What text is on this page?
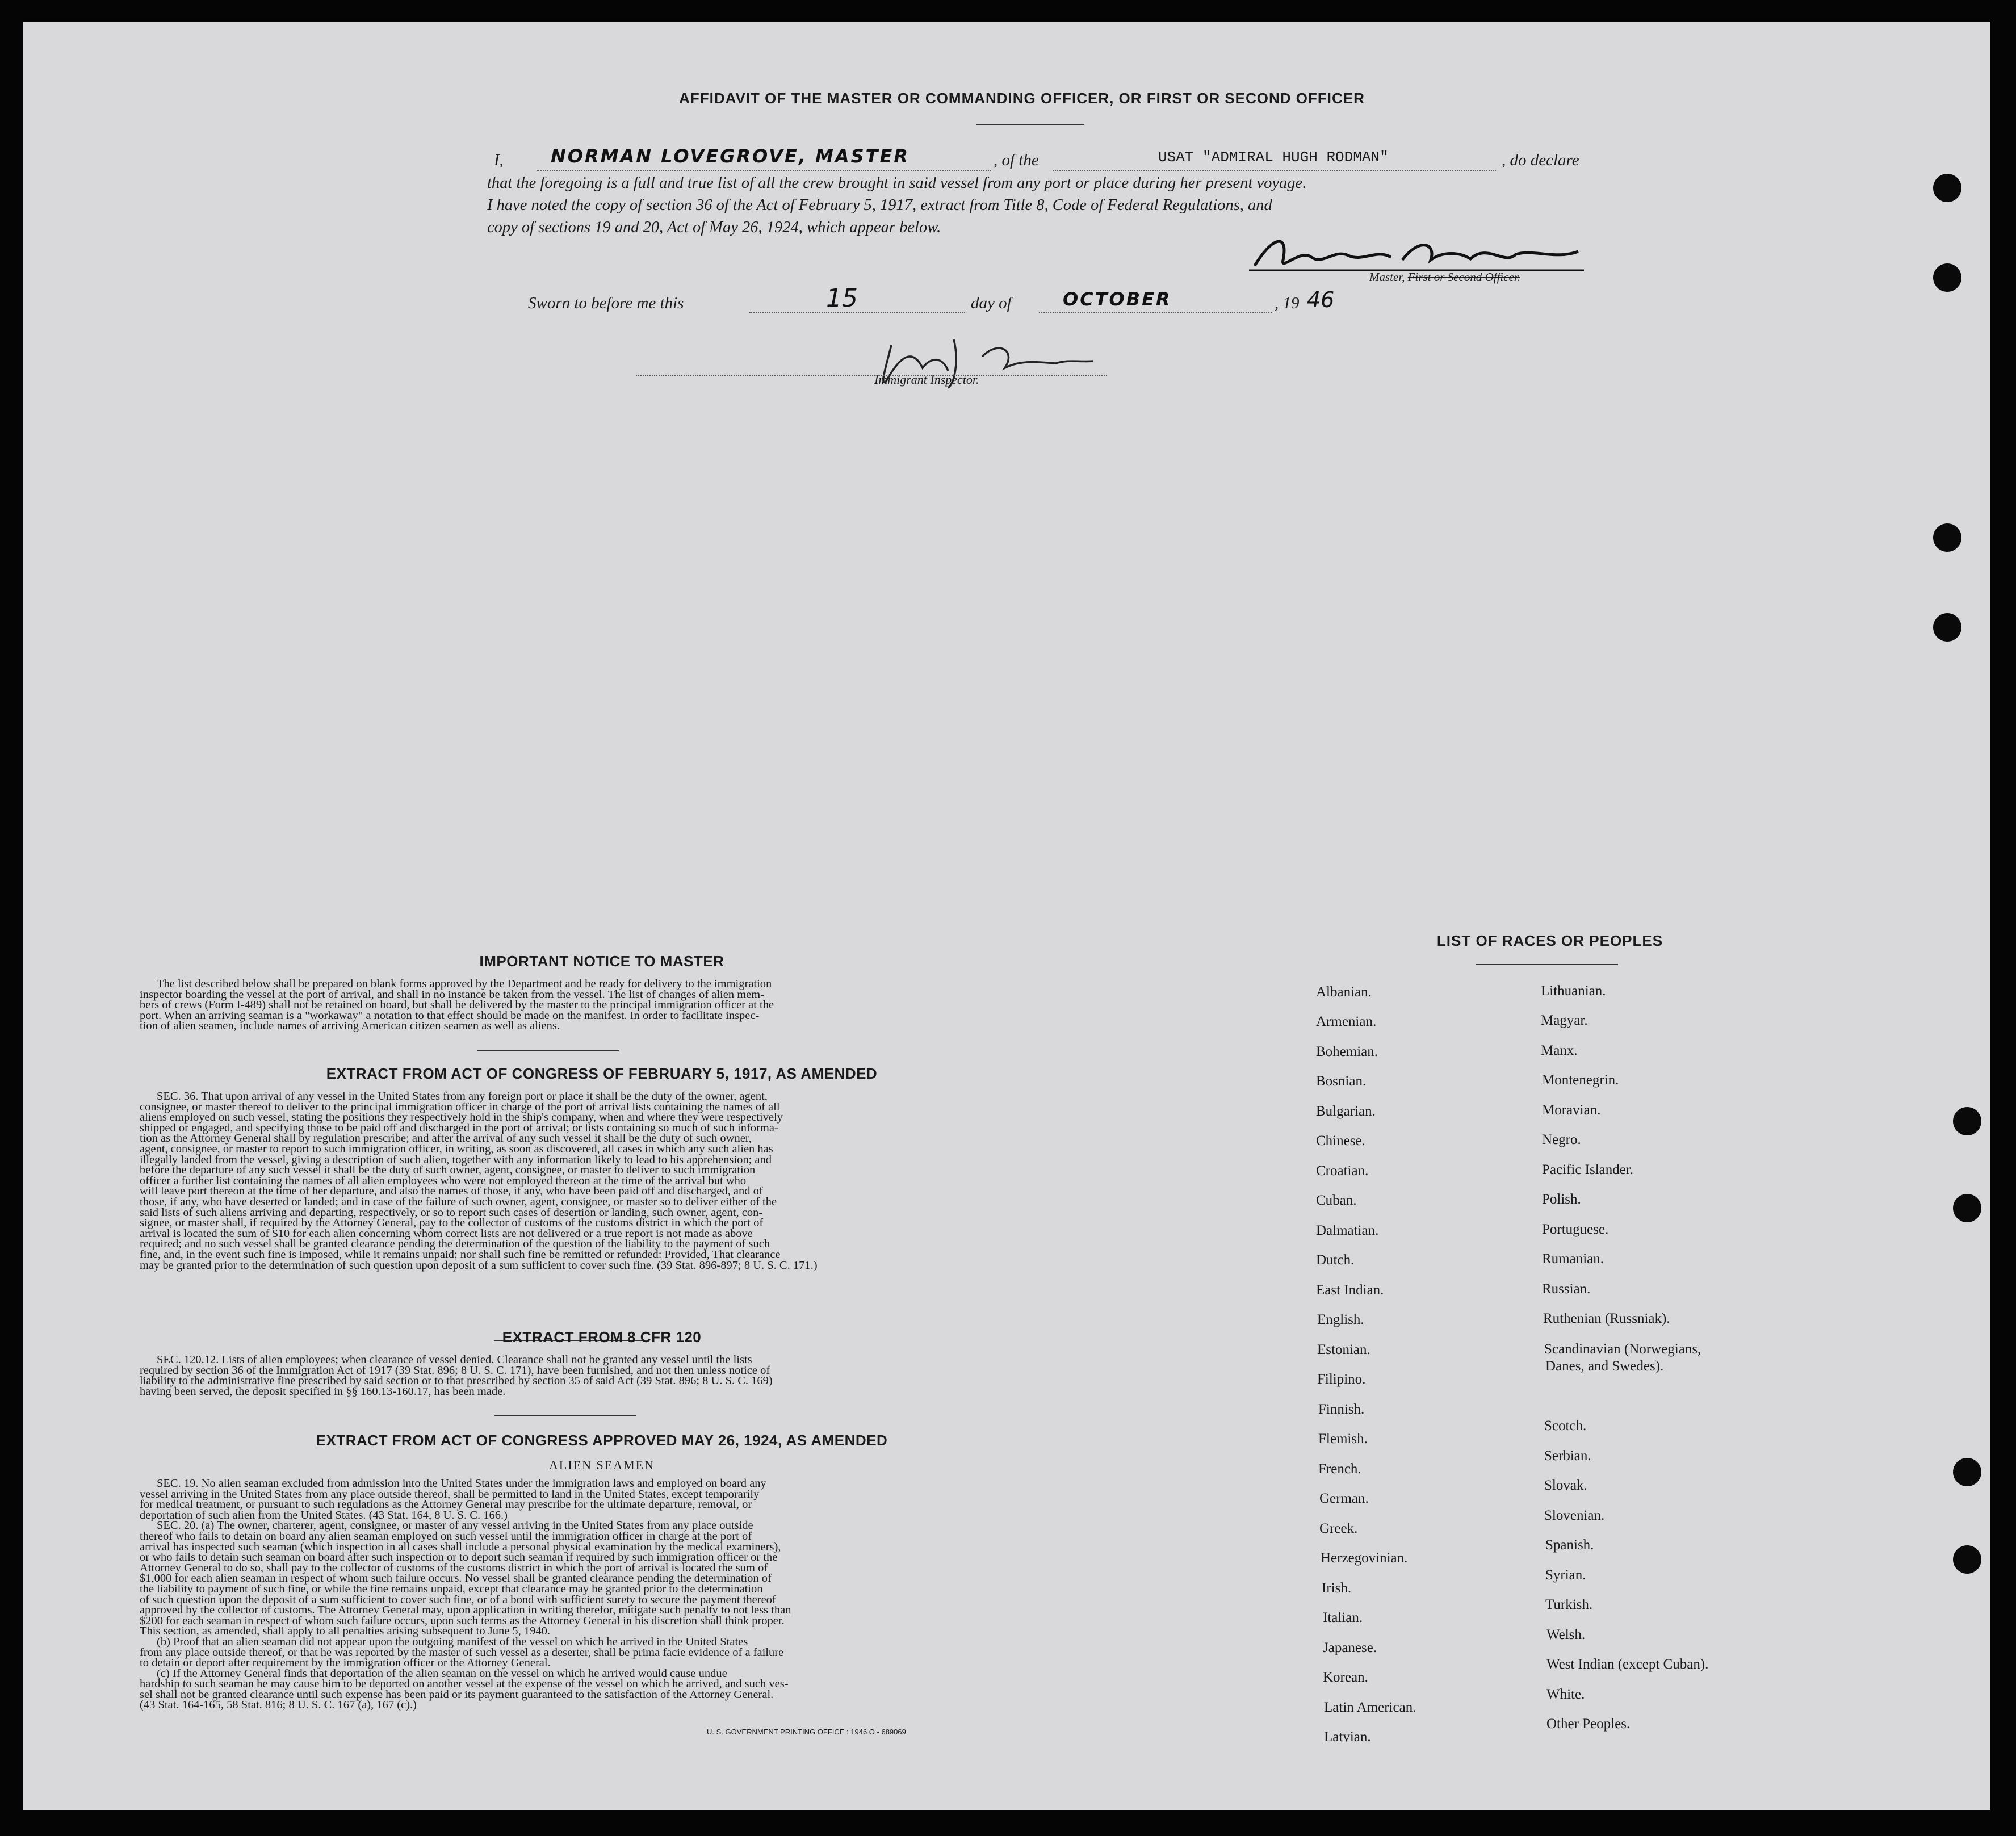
AFFIDAVIT OF THE MASTER OR COMMANDING OFFICER, OR FIRST OR SECOND OFFICER
I,	NORMAN LOVEGROVE, MASTER	, of the	USAT "ADMIRAL HUGH RODMAN"	, do declare
that the foregoing is a full and true list of all the crew brought in said vessel from any port or place during her present voyage.
I have noted the copy of section 36 of the Act of February 5, 1917, extract from Title 8, Code of Federal Regulations, and
copy of sections 19 and 20, Act of May 26, 1924, which appear below.
Master, First or Second Officer.
Sworn to before me this	15	day of	OCTOBER	, 19 46
Immigrant Inspector.
IMPORTANT NOTICE TO MASTER
The list described below shall be prepared on blank forms approved by the Department and be ready for delivery to the immigration
inspector boarding the vessel at the port of arrival, and shall in no instance be taken from the vessel. The list of changes of alien mem-
bers of crews (Form I-489) shall not be retained on board, but shall be delivered by the master to the principal immigration officer at the
port. When an arriving seaman is a "workaway" a notation to that effect should be made on the manifest. In order to facilitate inspec-
tion of alien seamen, include names of arriving American citizen seamen as well as aliens.
EXTRACT FROM ACT OF CONGRESS OF FEBRUARY 5, 1917, AS AMENDED
SEC. 36. That upon arrival of any vessel in the United States from any foreign port or place it shall be the duty of the owner, agent,
consignee, or master thereof to deliver to the principal immigration officer in charge of the port of arrival lists containing the names of all
aliens employed on such vessel, stating the positions they respectively hold in the ship's company, when and where they were respectively
shipped or engaged, and specifying those to be paid off and discharged in the port of arrival; or lists containing so much of such informa-
tion as the Attorney General shall by regulation prescribe; and after the arrival of any such vessel it shall be the duty of such owner,
agent, consignee, or master to report to such immigration officer, in writing, as soon as discovered, all cases in which any such alien has
illegally landed from the vessel, giving a description of such alien, together with any information likely to lead to his apprehension; and
before the departure of any such vessel it shall be the duty of such owner, agent, consignee, or master to deliver to such immigration
officer a further list containing the names of all alien employees who were not employed thereon at the time of the arrival but who
will leave port thereon at the time of her departure, and also the names of those, if any, who have been paid off and discharged, and of
those, if any, who have deserted or landed; and in case of the failure of such owner, agent, consignee, or master so to deliver either of the
said lists of such aliens arriving and departing, respectively, or so to report such cases of desertion or landing, such owner, agent, con-
signee, or master shall, if required by the Attorney General, pay to the collector of customs of the customs district in which the port of
arrival is located the sum of $10 for each alien concerning whom correct lists are not delivered or a true report is not made as above
required; and no such vessel shall be granted clearance pending the determination of the question of the liability to the payment of such
fine, and, in the event such fine is imposed, while it remains unpaid; nor shall such fine be remitted or refunded: Provided, That clearance
may be granted prior to the determination of such question upon deposit of a sum sufficient to cover such fine. (39 Stat. 896-897; 8 U. S. C. 171.)
EXTRACT FROM 8 CFR 120
SEC. 120.12. Lists of alien employees; when clearance of vessel denied. Clearance shall not be granted any vessel until the lists
required by section 36 of the Immigration Act of 1917 (39 Stat. 896; 8 U. S. C. 171), have been furnished, and not then unless notice of
liability to the administrative fine prescribed by said section or to that prescribed by section 35 of said Act (39 Stat. 896; 8 U. S. C. 169)
having been served, the deposit specified in §§ 160.13-160.17, has been made.
EXTRACT FROM ACT OF CONGRESS APPROVED MAY 26, 1924, AS AMENDED
ALIEN SEAMEN
SEC. 19. No alien seaman excluded from admission into the United States under the immigration laws and employed on board any
vessel arriving in the United States from any place outside thereof, shall be permitted to land in the United States, except temporarily
for medical treatment, or pursuant to such regulations as the Attorney General may prescribe for the ultimate departure, removal, or
deportation of such alien from the United States. (43 Stat. 164, 8 U. S. C. 166.)
SEC. 20. (a) The owner, charterer, agent, consignee, or master of any vessel arriving in the United States from any place outside
thereof who fails to detain on board any alien seaman employed on such vessel until the immigration officer in charge at the port of
arrival has inspected such seaman (which inspection in all cases shall include a personal physical examination by the medical examiners),
or who fails to detain such seaman on board after such inspection or to deport such seaman if required by such immigration officer or the
Attorney General to do so, shall pay to the collector of customs of the customs district in which the port of arrival is located the sum of
$1,000 for each alien seaman in respect of whom such failure occurs. No vessel shall be granted clearance pending the determination of
the liability to payment of such fine, or while the fine remains unpaid, except that clearance may be granted prior to the determination
of such question upon the deposit of a sum sufficient to cover such fine, or of a bond with sufficient surety to secure the payment thereof
approved by the collector of customs. The Attorney General may, upon application in writing therefor, mitigate such penalty to not less than
$200 for each seaman in respect of whom such failure occurs, upon such terms as the Attorney General in his discretion shall think proper.
This section, as amended, shall apply to all penalties arising subsequent to June 5, 1940.
(b) Proof that an alien seaman did not appear upon the outgoing manifest of the vessel on which he arrived in the United States
from any place outside thereof, or that he was reported by the master of such vessel as a deserter, shall be prima facie evidence of a failure
to detain or deport after requirement by the immigration officer or the Attorney General.
(c) If the Attorney General finds that deportation of the alien seaman on the vessel on which he arrived would cause undue
hardship to such seaman he may cause him to be deported on another vessel at the expense of the vessel on which he arrived, and such ves-
sel shall not be granted clearance until such expense has been paid or its payment guaranteed to the satisfaction of the Attorney General.
(43 Stat. 164-165, 58 Stat. 816; 8 U. S. C. 167 (a), 167 (c).)
U. S. GOVERNMENT PRINTING OFFICE : 1946 O - 689069
LIST OF RACES OR PEOPLES
Albanian.
Armenian.
Bohemian.
Bosnian.
Bulgarian.
Chinese.
Croatian.
Cuban.
Dalmatian.
Dutch.
East Indian.
English.
Estonian.
Filipino.
Finnish.
Flemish.
French.
German.
Greek.
Herzegovinian.
Irish.
Italian.
Japanese.
Korean.
Latin American.
Latvian.
Lithuanian.
Magyar.
Manx.
Montenegrin.
Moravian.
Negro.
Pacific Islander.
Polish.
Portuguese.
Rumanian.
Russian.
Ruthenian (Russniak).
Scandinavian (Norwegians,
Danes, and Swedes).
Scotch.
Serbian.
Slovak.
Slovenian.
Spanish.
Syrian.
Turkish.
Welsh.
West Indian (except Cuban).
White.
Other Peoples.
